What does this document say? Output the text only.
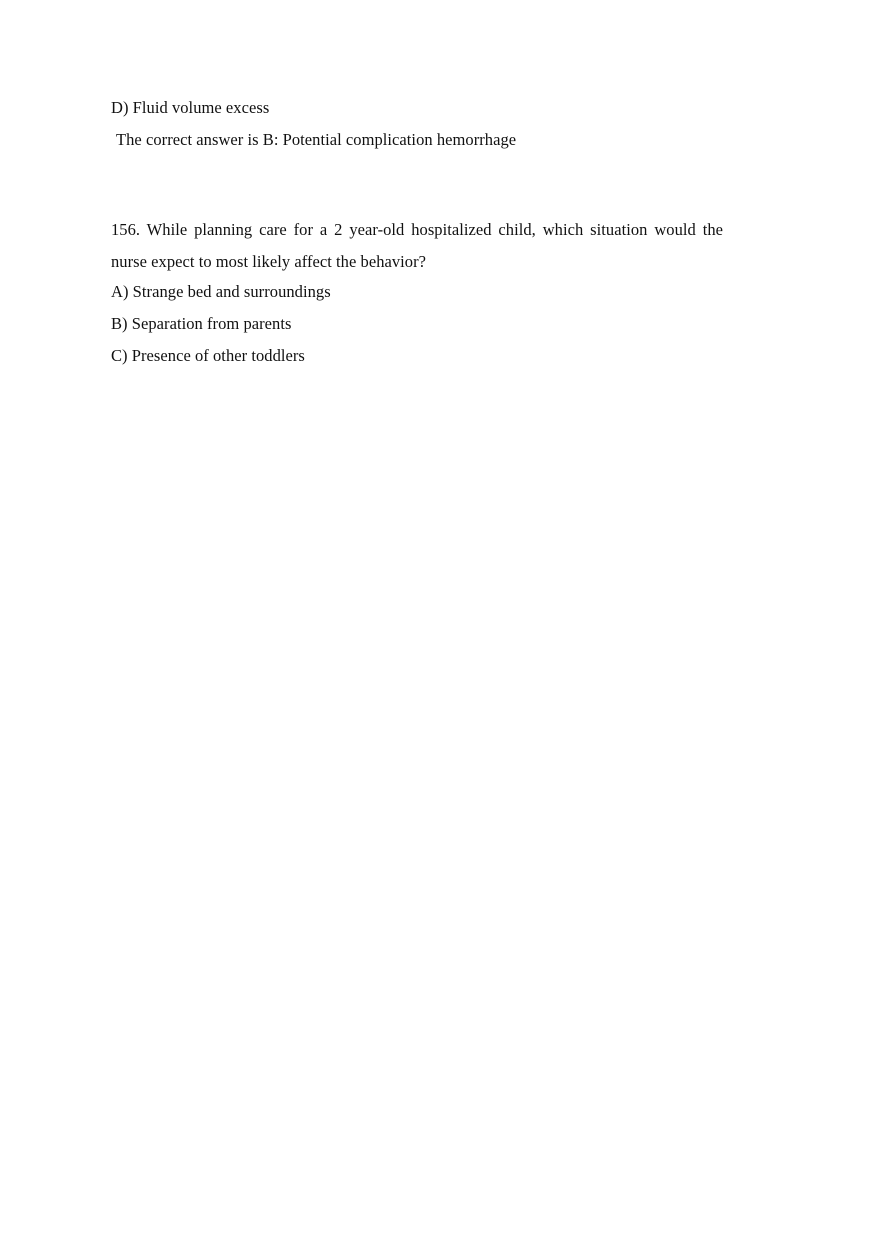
D) Fluid volume excess
The correct answer is B: Potential complication hemorrhage
156. While planning care for a 2 year-old hospitalized child, which situation would the
nurse expect to most likely affect the behavior?
A) Strange bed and surroundings
B) Separation from parents
C) Presence of other toddlers
